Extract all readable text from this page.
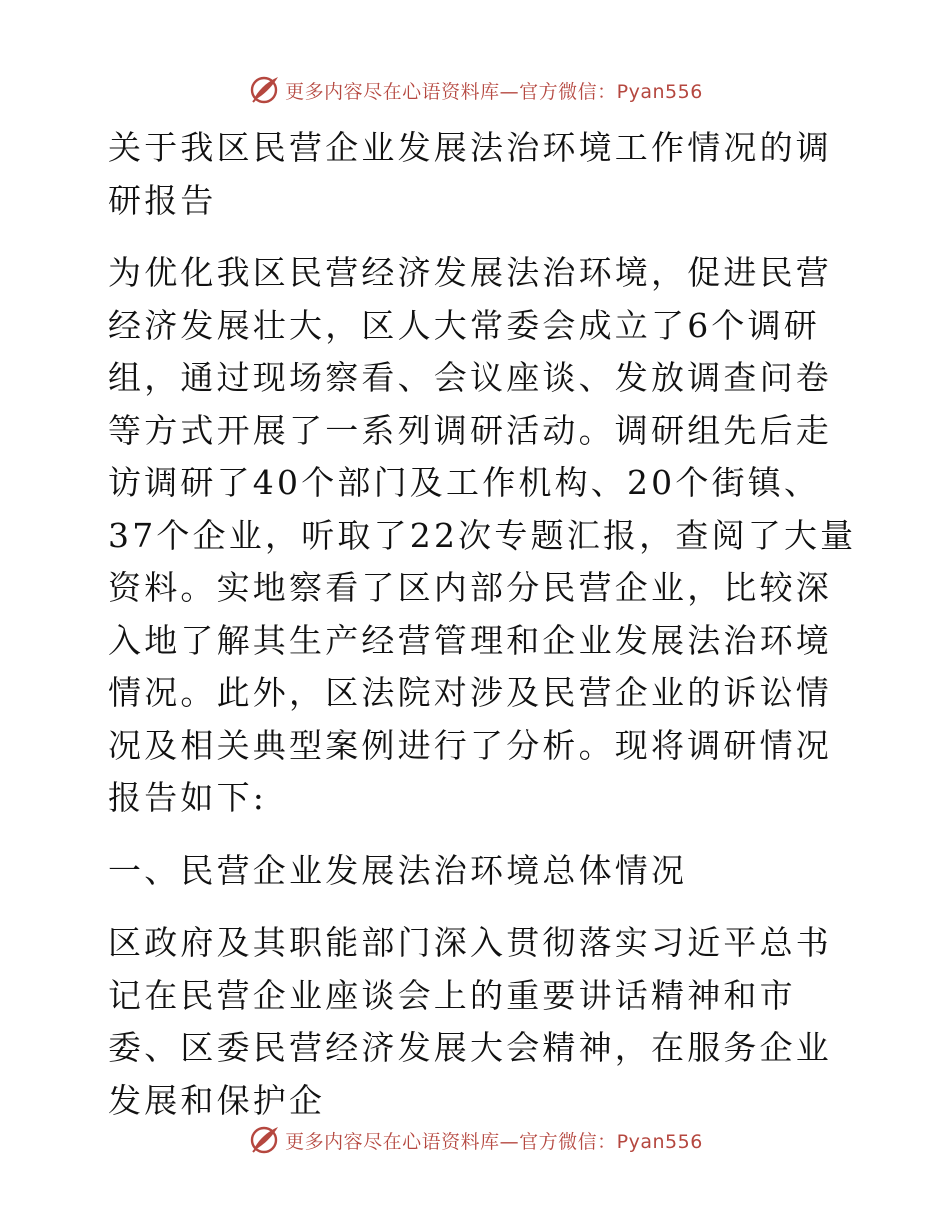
更多内容尽在心语资料库—官方微信：Pyan556

关于我区民营企业发展法治环境工作情况的调研报告

为优化我区民营经济发展法治环境，促进民营经济发展壮大，区人大常委会成立了6个调研组，通过现场察看、会议座谈、发放调查问卷等方式开展了一系列调研活动。调研组先后走访调研了40个部门及工作机构、20个街镇、37个企业，听取了22次专题汇报，查阅了大量资料。实地察看了区内部分民营企业，比较深入地了解其生产经营管理和企业发展法治环境情况。此外，区法院对涉及民营企业的诉讼情况及相关典型案例进行了分析。现将调研情况报告如下:

一、民营企业发展法治环境总体情况

区政府及其职能部门深入贯彻落实习近平总书记在民营企业座谈会上的重要讲话精神和市委、区委民营经济发展大会精神，在服务企业发展和保护企

更多内容尽在心语资料库—官方微信：Pyan556
